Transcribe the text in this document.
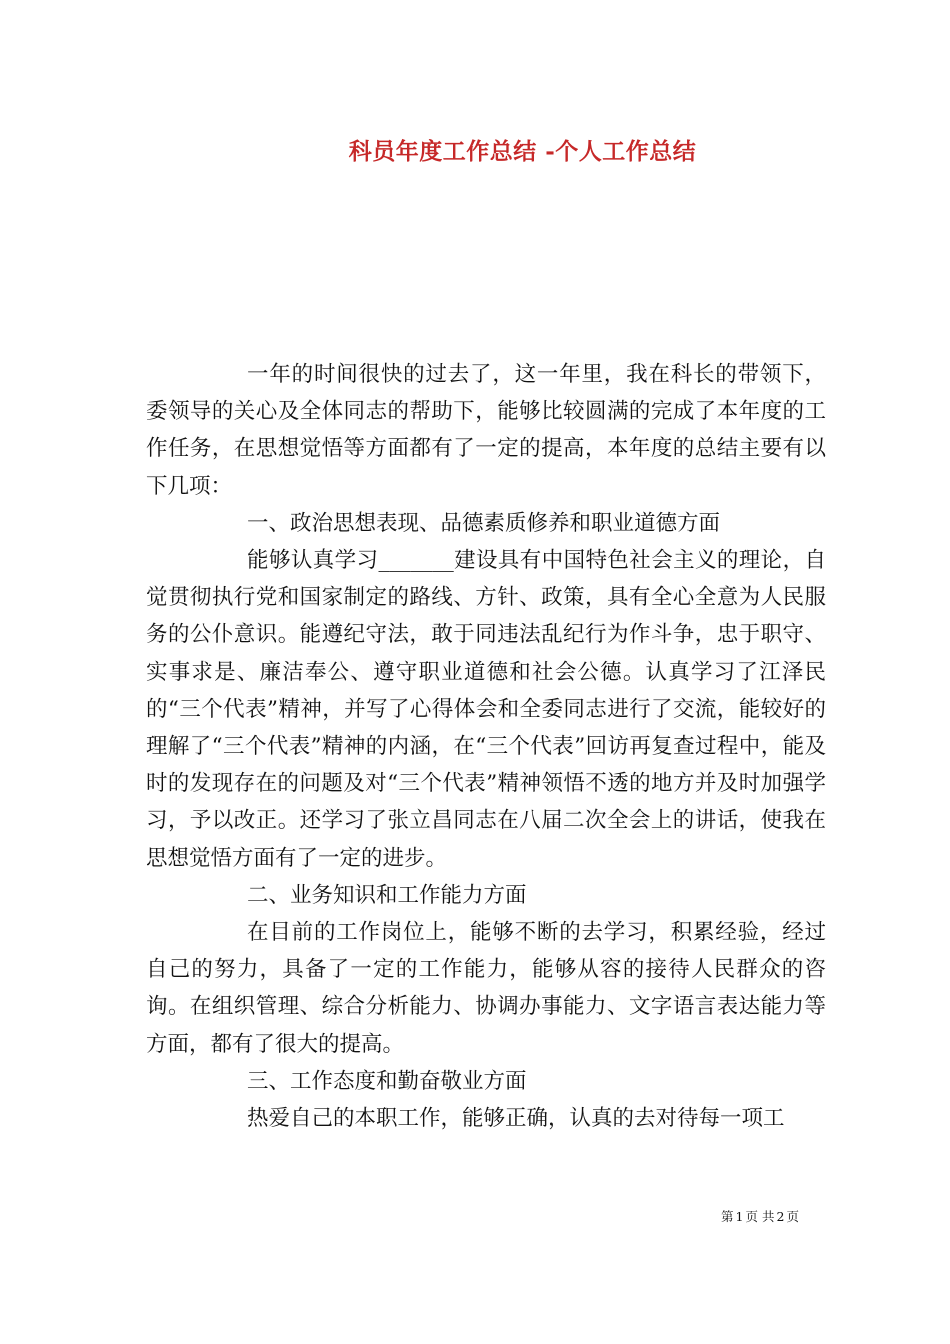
科员年度工作总结 -个人工作总结

一年的时间很快的过去了，这一年里，我在科长的带领下，委领导的关心及全体同志的帮助下，能够比较圆满的完成了本年度的工作任务，在思想觉悟等方面都有了一定的提高，本年度的总结主要有以下几项：

一、政治思想表现、品德素质修养和职业道德方面

能够认真学习_______建设具有中国特色社会主义的理论，自觉贯彻执行党和国家制定的路线、方针、政策，具有全心全意为人民服务的公仆意识。能遵纪守法，敢于同违法乱纪行为作斗争，忠于职守、实事求是、廉洁奉公、遵守职业道德和社会公德。认真学习了江泽民的“三个代表”精神，并写了心得体会和全委同志进行了交流，能较好的理解了“三个代表”精神的内涵，在“三个代表”回访再复查过程中，能及时的发现存在的问题及对“三个代表”精神领悟不透的地方并及时加强学习，予以改正。还学习了张立昌同志在八届二次全会上的讲话，使我在思想觉悟方面有了一定的进步。

二、业务知识和工作能力方面

在目前的工作岗位上，能够不断的去学习，积累经验，经过自己的努力，具备了一定的工作能力，能够从容的接待人民群众的咨询。在组织管理、综合分析能力、协调办事能力、文字语言表达能力等方面，都有了很大的提高。

三、工作态度和勤奋敬业方面

热爱自己的本职工作，能够正确，认真的去对待每一项工

第 1 页 共 2 页
